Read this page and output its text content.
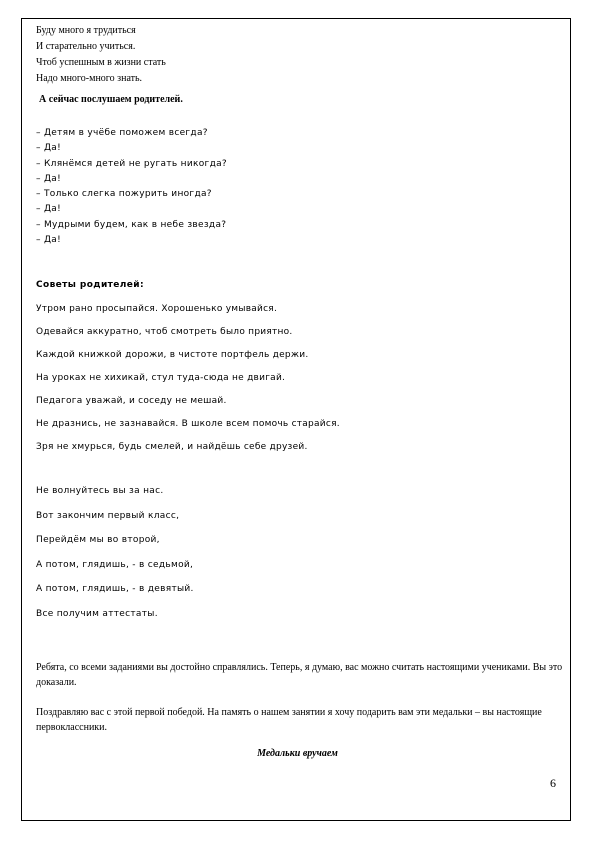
Буду много я трудиться
И старательно учиться.
Чтоб успешным в жизни стать
Надо много-много знать.
А сейчас послушаем родителей.
– Детям в учёбе поможем всегда?
– Да!
– Клянёмся детей не ругать никогда?
– Да!
– Только слегка пожурить иногда?
– Да!
– Мудрыми будем, как в небе звезда?
– Да!
Советы родителей:
Утром рано просыпайся. Хорошенько умывайся.
Одевайся аккуратно, чтоб смотреть было приятно.
Каждой книжкой дорожи, в чистоте портфель держи.
На уроках не хихикай, стул туда-сюда не двигай.
Педагога уважай, и соседу не мешай.
Не дразнись, не зазнавайся. В школе всем помочь старайся.
Зря не хмурься, будь смелей, и найдёшь себе друзей.
Не волнуйтесь вы за нас.
Вот закончим первый класс,
Перейдём мы во второй,
А потом, глядишь, - в седьмой,
А потом, глядишь, - в девятый.
Все получим аттестаты.
Ребята, со всеми заданиями вы достойно справлялись. Теперь, я думаю, вас можно считать настоящими учениками. Вы это доказали.
Поздравляю вас с этой первой победой. На память о нашем занятии я хочу подарить вам эти медальки – вы настоящие первоклассники.
Медальки вручаем
6
